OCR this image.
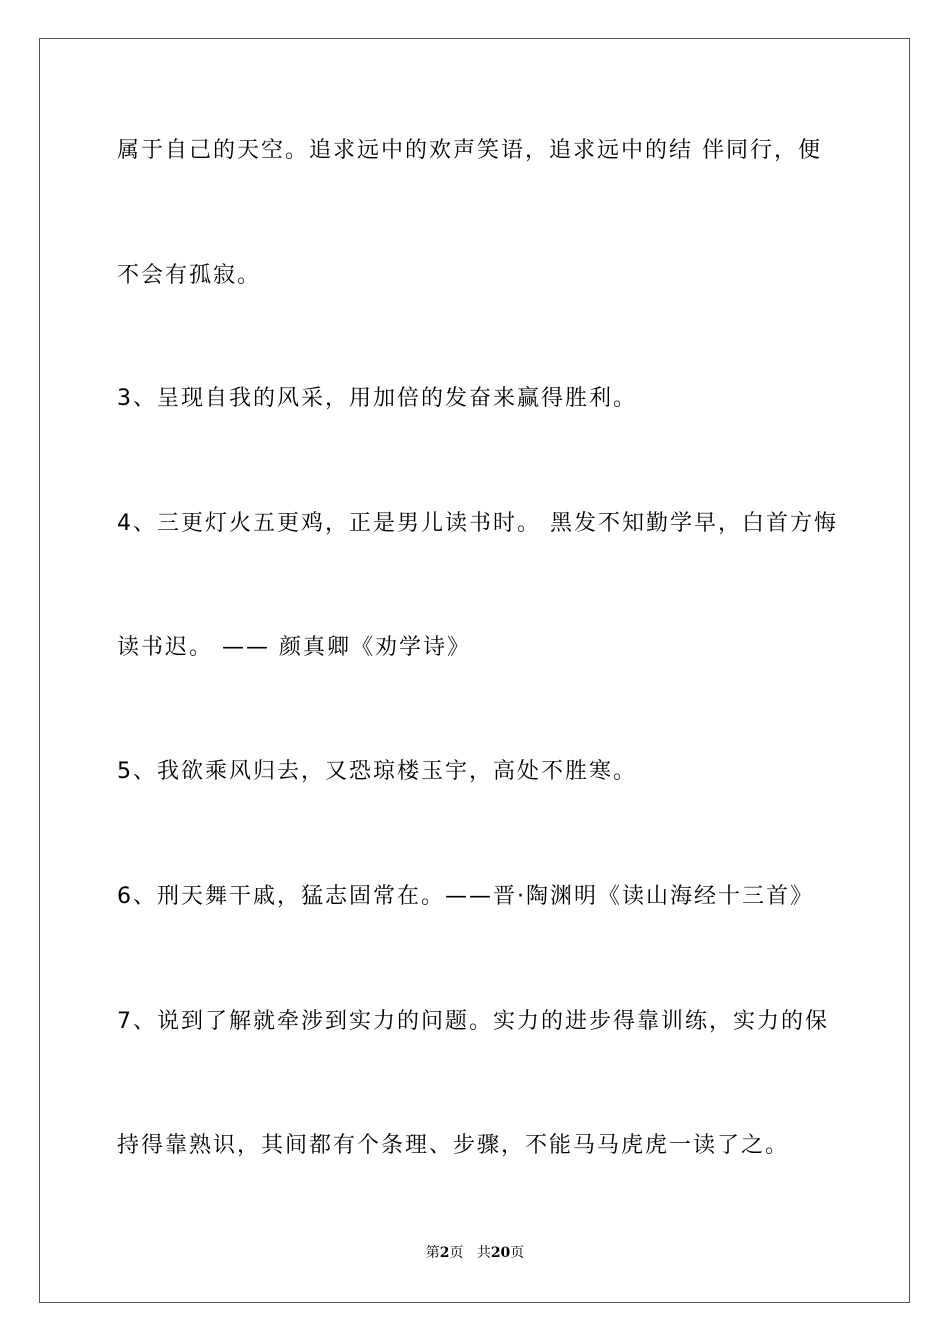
属于自己的天空。追求远中的欢声笑语，追求远中的结 伴同行，便

不会有孤寂。

3、呈现自我的风采，用加倍的发奋来赢得胜利。

4、三更灯火五更鸡，正是男儿读书时。 黑发不知勤学早，白首方悔

读书迟。 —— 颜真卿《劝学诗》

5、我欲乘风归去，又恐琼楼玉宇，高处不胜寒。

6、刑天舞干戚，猛志固常在。——晋·陶渊明《读山海经十三首》

7、说到了解就牵涉到实力的问题。实力的进步得靠训练，实力的保

持得靠熟识，其间都有个条理、步骤，不能马马虎虎一读了之。

第2页 共20页
